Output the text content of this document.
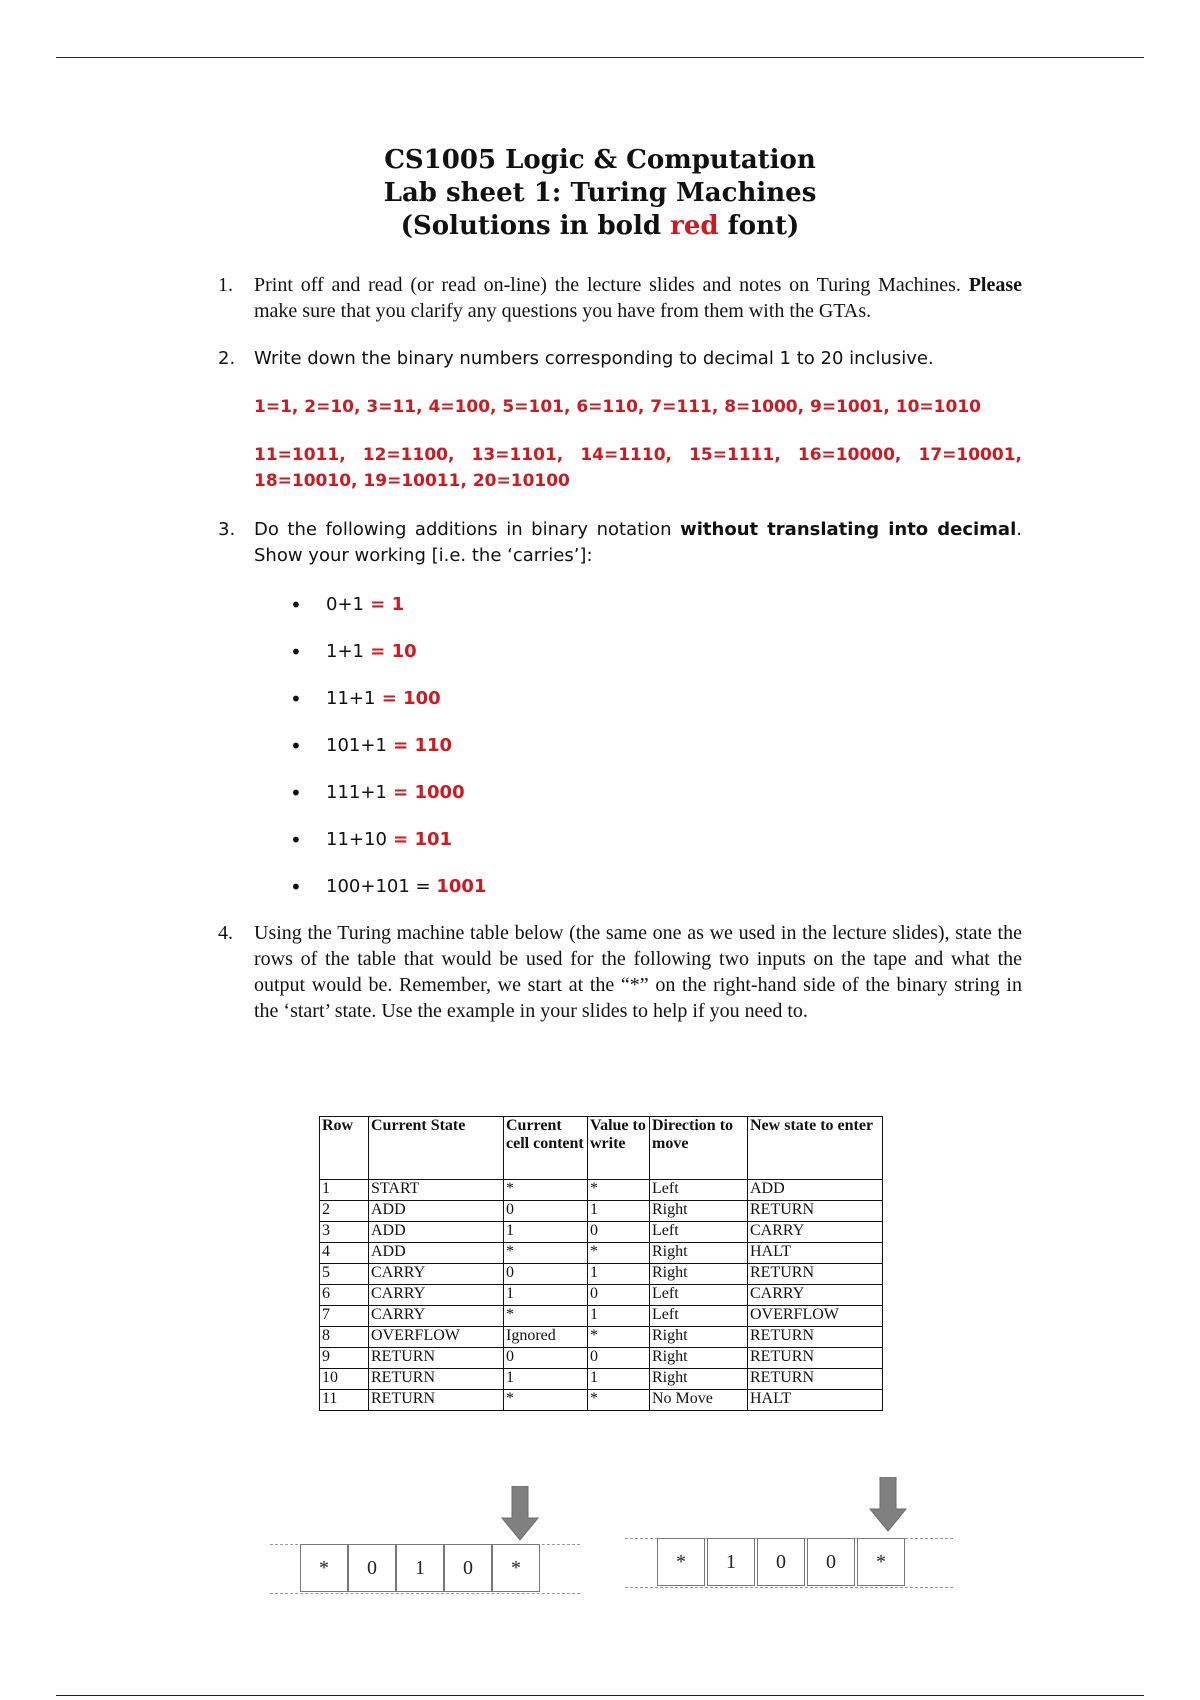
CS1005 Logic & Computation
Lab sheet 1: Turing Machines
(Solutions in bold red font)
1. Print off and read (or read on-line) the lecture slides and notes on Turing Machines. Please make sure that you clarify any questions you have from them with the GTAs.
2. Write down the binary numbers corresponding to decimal 1 to 20 inclusive.
1=1, 2=10, 3=11, 4=100, 5=101, 6=110, 7=111, 8=1000, 9=1001, 10=1010
11=1011, 12=1100, 13=1101, 14=1110, 15=1111, 16=10000, 17=10001, 18=10010, 19=10011, 20=10100
3. Do the following additions in binary notation without translating into decimal. Show your working [i.e. the ‘carries’]:
• 0+1 = 1
• 1+1 = 10
• 11+1 = 100
• 101+1 = 110
• 111+1 = 1000
• 11+10 = 101
• 100+101 = 1001
4. Using the Turing machine table below (the same one as we used in the lecture slides), state the rows of the table that would be used for the following two inputs on the tape and what the output would be. Remember, we start at the “*” on the right-hand side of the binary string in the ‘start’ state. Use the example in your slides to help if you need to.
Row	Current State	Current cell content	Value to write	Direction to move	New state to enter
1	START	*	*	Left	ADD
2	ADD	0	1	Right	RETURN
3	ADD	1	0	Left	CARRY
4	ADD	*	*	Right	HALT
5	CARRY	0	1	Right	RETURN
6	CARRY	1	0	Left	CARRY
7	CARRY	*	1	Left	OVERFLOW
8	OVERFLOW	Ignored	*	Right	RETURN
9	RETURN	0	0	Right	RETURN
10	RETURN	1	1	Right	RETURN
11	RETURN	*	*	No Move	HALT
*	0	1	0	*	*	1	0	0	*
